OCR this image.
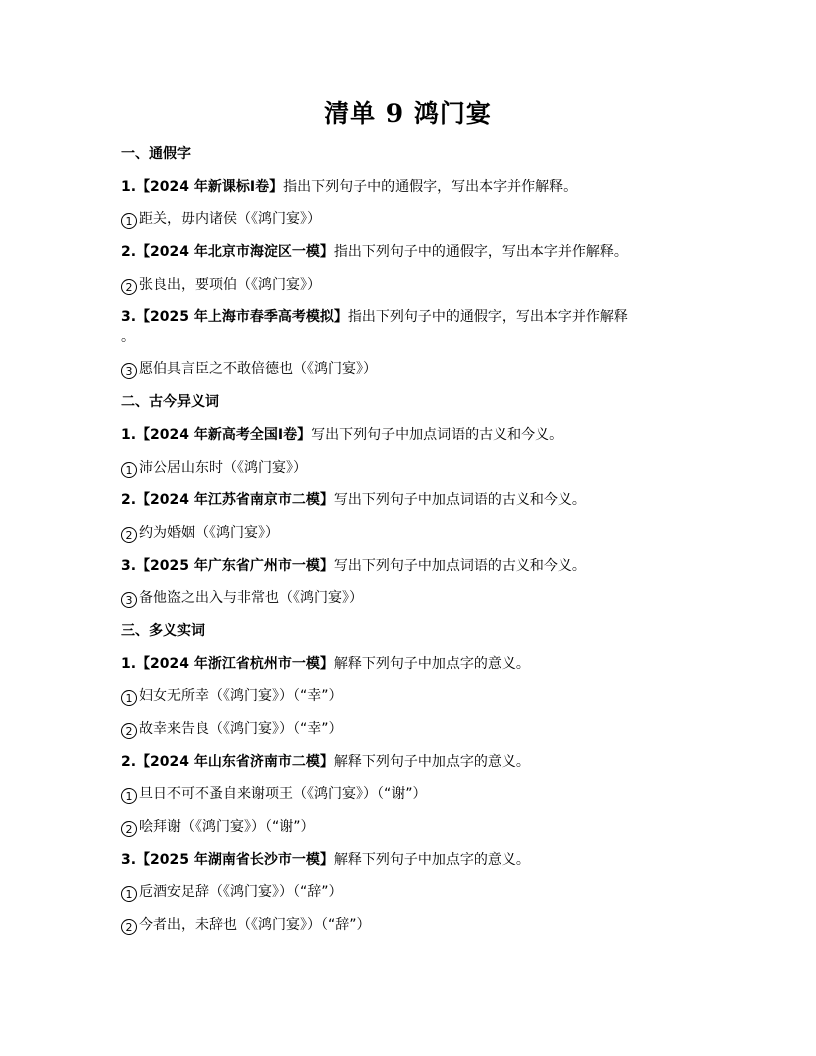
清单 9 鸿门宴
一、通假字
1.【2024 年新课标Ⅰ卷】指出下列句子中的通假字，写出本字并作解释。
1 距关，毋内诸侯（《鸿门宴》）
2.【2024 年北京市海淀区一模】指出下列句子中的通假字，写出本字并作解释。
2 张良出，要项伯（《鸿门宴》）
3.【2025 年上海市春季高考模拟】指出下列句子中的通假字，写出本字并作解释
。
3 愿伯具言臣之不敢倍德也（《鸿门宴》）
二、古今异义词
1.【2024 年新高考全国Ⅰ卷】写出下列句子中加点词语的古义和今义。
1 沛公居山东时（《鸿门宴》）
2.【2024 年江苏省南京市二模】写出下列句子中加点词语的古义和今义。
2 约为婚姻（《鸿门宴》）
3.【2025 年广东省广州市一模】写出下列句子中加点词语的古义和今义。
3 备他盗之出入与非常也（《鸿门宴》）
三、多义实词
1.【2024 年浙江省杭州市一模】解释下列句子中加点字的意义。
1 妇女无所幸（《鸿门宴》）（“幸”）
2 故幸来告良（《鸿门宴》）（“幸”）
2.【2024 年山东省济南市二模】解释下列句子中加点字的意义。
1 旦日不可不蚤自来谢项王（《鸿门宴》）（“谢”）
2 哙拜谢（《鸿门宴》）（“谢”）
3.【2025 年湖南省长沙市一模】解释下列句子中加点字的意义。
1 卮酒安足辞（《鸿门宴》）（“辞”）
2 今者出，未辞也（《鸿门宴》）（“辞”）
